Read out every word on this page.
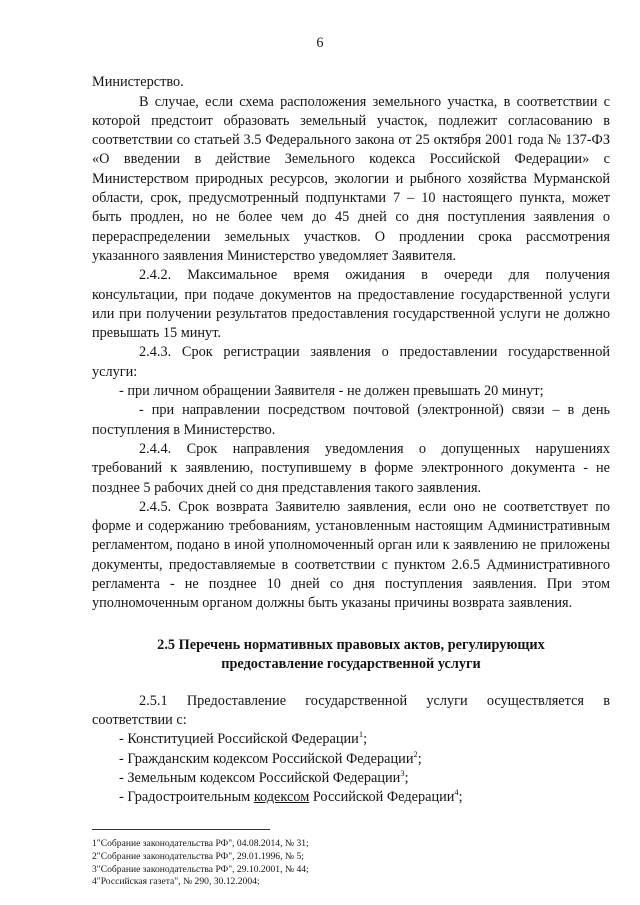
6

Министерство.

В случае, если схема расположения земельного участка, в соответствии с которой предстоит образовать земельный участок, подлежит согласованию в соответствии со статьей 3.5 Федерального закона от 25 октября 2001 года № 137-ФЗ «О введении в действие Земельного кодекса Российской Федерации» с Министерством природных ресурсов, экологии и рыбного хозяйства Мурманской области, срок, предусмотренный подпунктами 7 – 10 настоящего пункта, может быть продлен, но не более чем до 45 дней со дня поступления заявления о перераспределении земельных участков. О продлении срока рассмотрения указанного заявления Министерство уведомляет Заявителя.

2.4.2. Максимальное время ожидания в очереди для получения консультации, при подаче документов на предоставление государственной услуги или при получении результатов предоставления государственной услуги не должно превышать 15 минут.

2.4.3. Срок регистрации заявления о предоставлении государственной услуги:

- при личном обращении Заявителя - не должен превышать 20 минут;

- при направлении посредством почтовой (электронной) связи – в день поступления в Министерство.

2.4.4. Срок направления уведомления о допущенных нарушениях требований к заявлению, поступившему в форме электронного документа - не позднее 5 рабочих дней со дня представления такого заявления.

2.4.5. Срок возврата Заявителю заявления, если оно не соответствует по форме и содержанию требованиям, установленным настоящим Административным регламентом, подано в иной уполномоченный орган или к заявлению не приложены документы, предоставляемые в соответствии с пунктом 2.6.5 Административного регламента - не позднее 10 дней со дня поступления заявления. При этом уполномоченным органом должны быть указаны причины возврата заявления.

2.5 Перечень нормативных правовых актов, регулирующих
предоставление государственной услуги

2.5.1 Предоставление государственной услуги осуществляется в соответствии с:

- Конституцией Российской Федерации$^1$;

- Гражданским кодексом Российской Федерации$^2$;

- Земельным кодексом Российской Федерации$^3$;

- Градостроительным кодексом Российской Федерации$^4$;

1"Собрание законодательства РФ", 04.08.2014, № 31;
2"Собрание законодательства РФ", 29.01.1996, № 5;
3"Собрание законодательства РФ", 29.10.2001, № 44;
4"Российская газета", № 290, 30.12.2004;
